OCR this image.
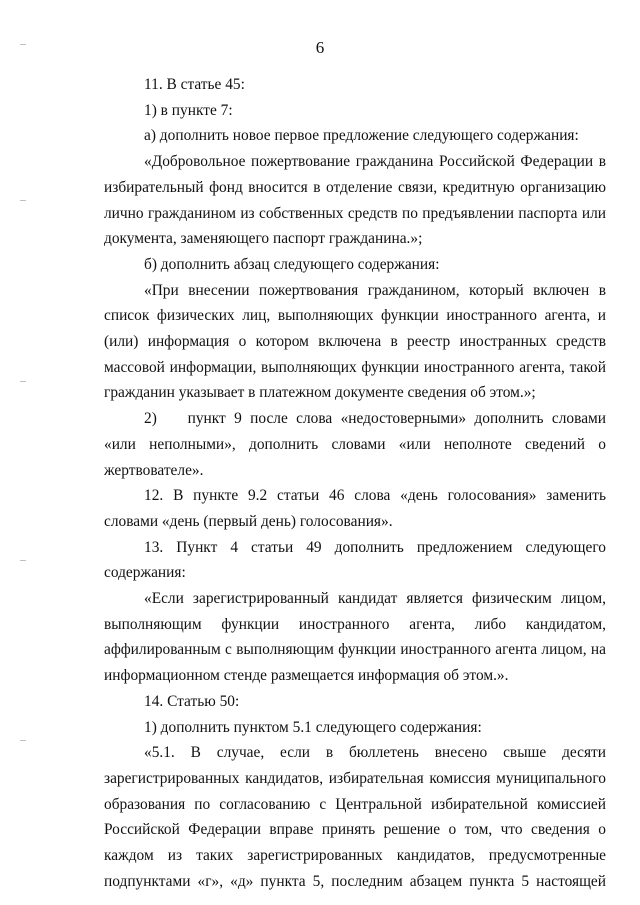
6

11. В статье 45:

1) в пункте 7:

а) дополнить новое первое предложение следующего содержания:

«Добровольное пожертвование гражданина Российской Федерации в избирательный фонд вносится в отделение связи, кредитную организацию лично гражданином из собственных средств по предъявлении паспорта или документа, заменяющего паспорт гражданина.»;

б) дополнить абзац следующего содержания:

«При внесении пожертвования гражданином, который включен в список физических лиц, выполняющих функции иностранного агента, и (или) информация о котором включена в реестр иностранных средств массовой информации, выполняющих функции иностранного агента, такой гражданин указывает в платежном документе сведения об этом.»;

2)  пункт 9 после слова «недостоверными» дополнить словами «или неполными», дополнить словами «или неполноте сведений о жертвователе».

12. В пункте 9.2 статьи 46 слова «день голосования» заменить словами «день (первый день) голосования».

13. Пункт 4 статьи 49 дополнить предложением следующего содержания:

«Если зарегистрированный кандидат является физическим лицом, выполняющим функции иностранного агента, либо кандидатом, аффилированным с выполняющим функции иностранного агента лицом, на информационном стенде размещается информация об этом.».

14. Статью 50:

1) дополнить пунктом 5.1 следующего содержания:

«5.1. В случае, если в бюллетень внесено свыше десяти зарегистрированных кандидатов, избирательная комиссия муниципального образования по согласованию с Центральной избирательной комиссией Российской Федерации вправе принять решение о том, что сведения о каждом из таких зарегистрированных кандидатов, предусмотренные подпунктами «г», «д» пункта 5, последним абзацем пункта 5 настоящей
